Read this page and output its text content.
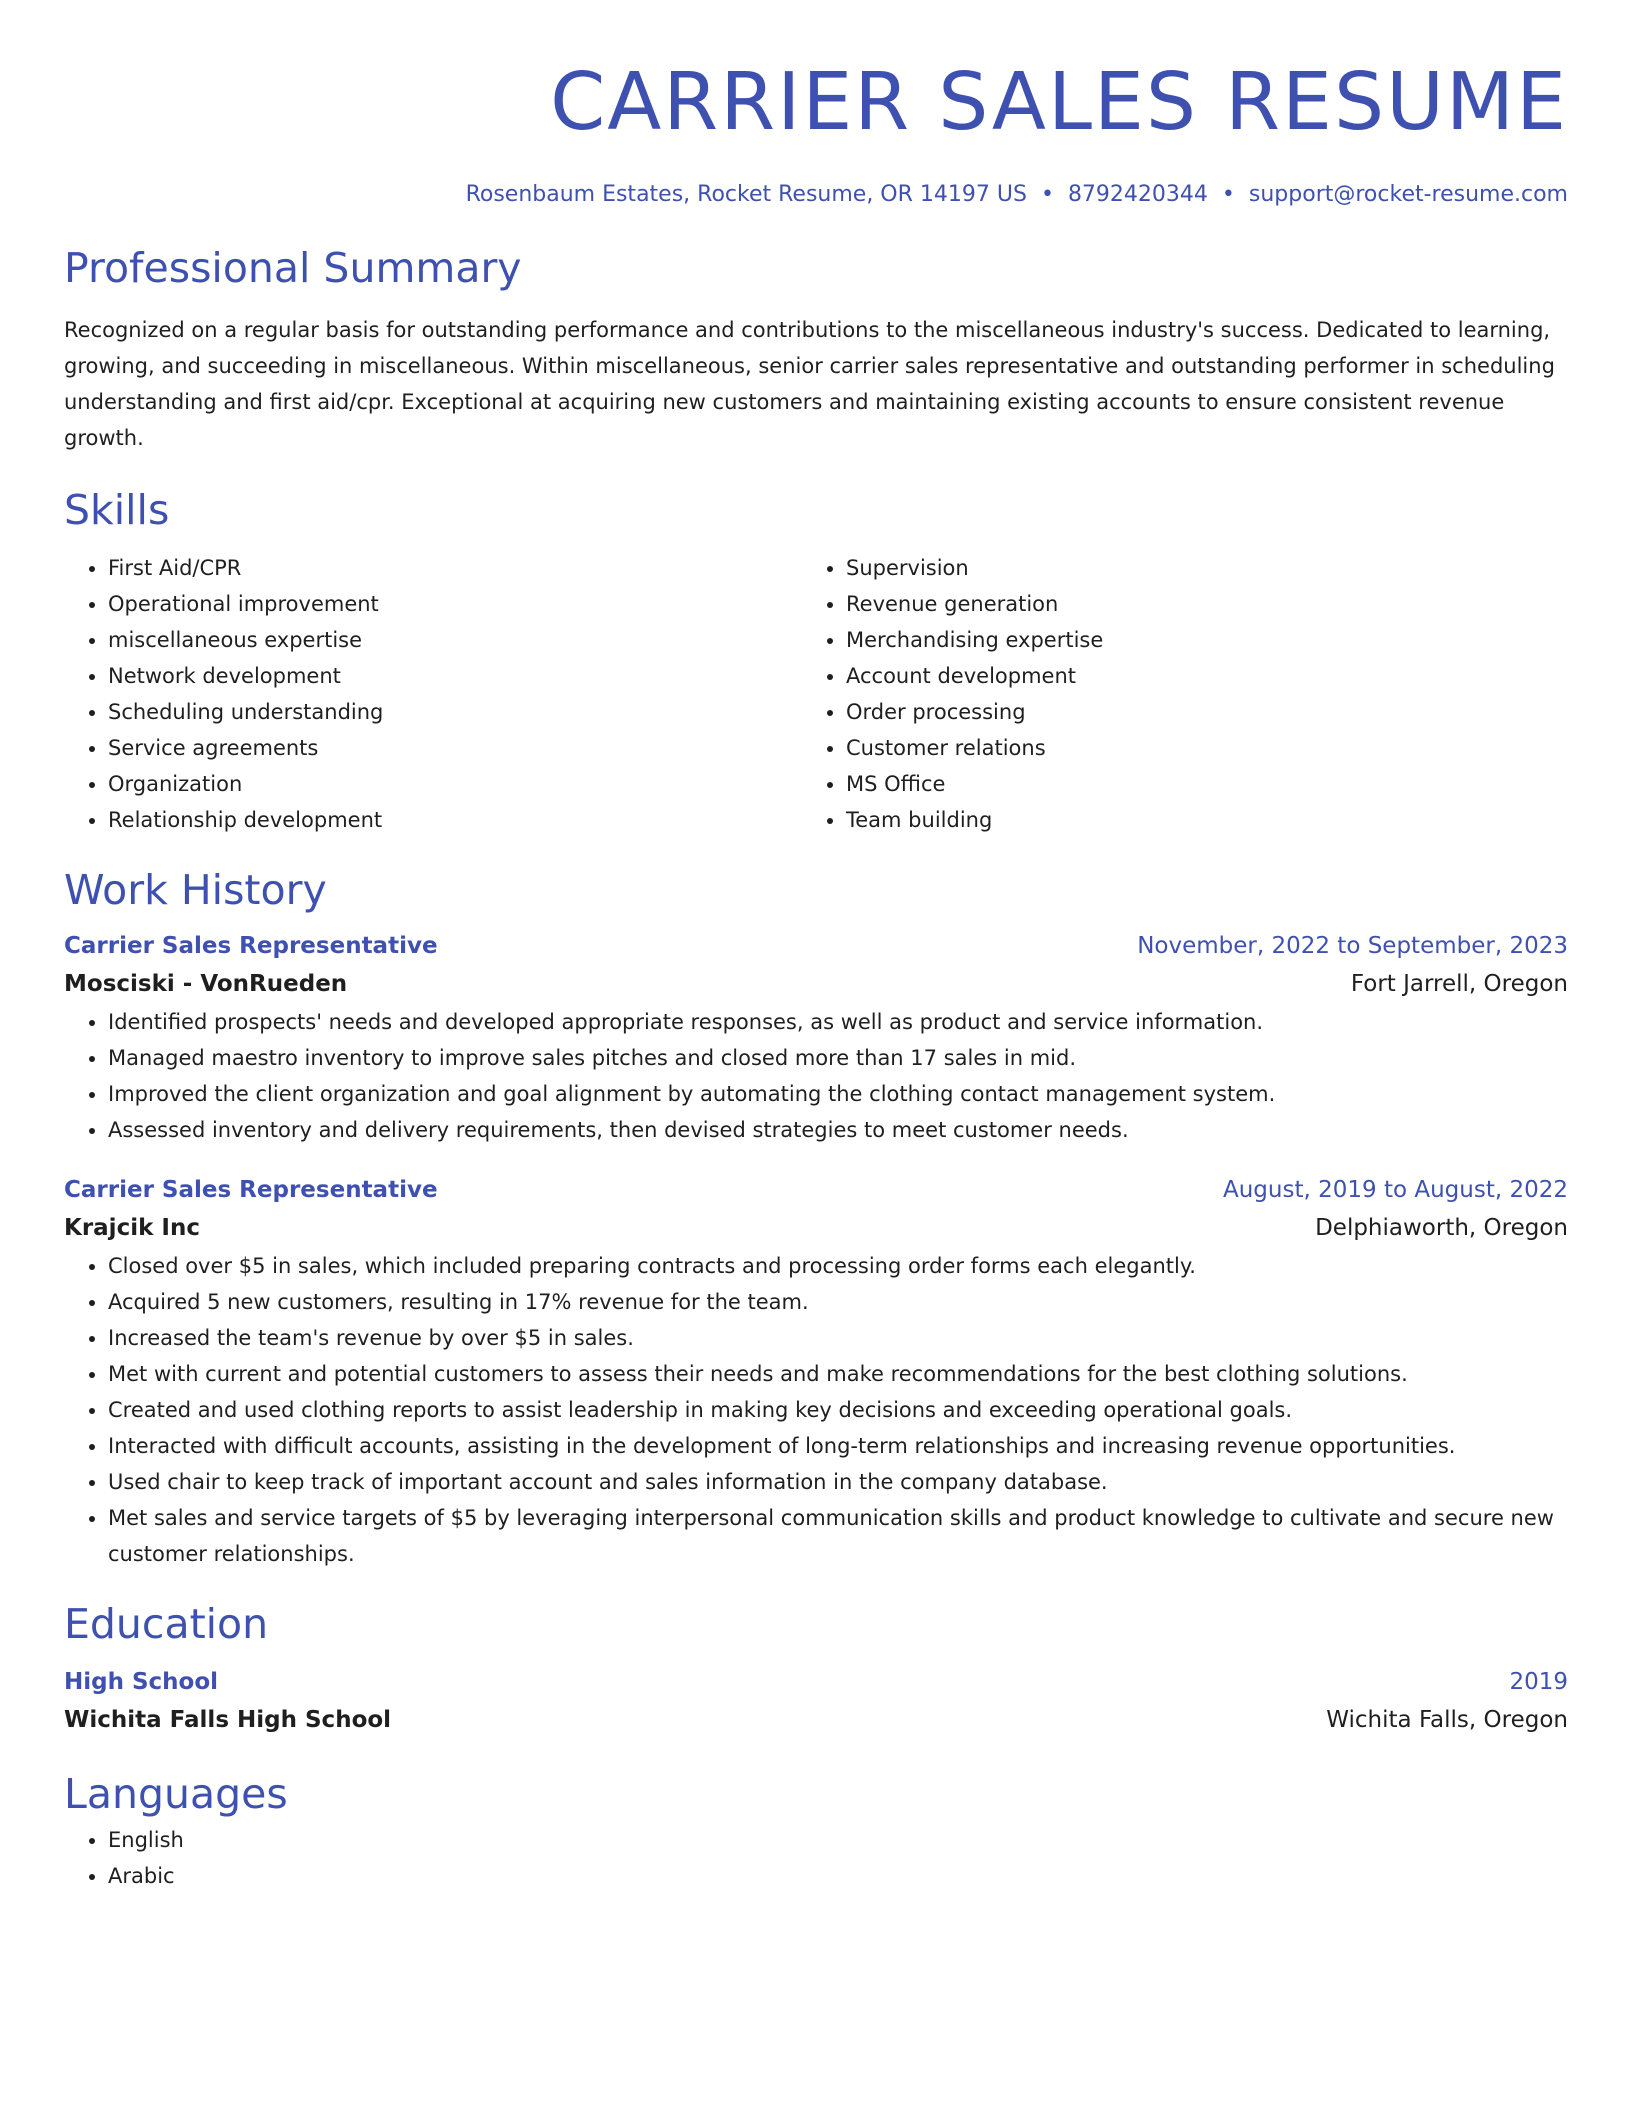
CARRIER SALES RESUME
Rosenbaum Estates, Rocket Resume, OR 14197 US • 8792420344 • support@rocket-resume.com
Professional Summary
Recognized on a regular basis for outstanding performance and contributions to the miscellaneous industry's success. Dedicated to learning, growing, and succeeding in miscellaneous. Within miscellaneous, senior carrier sales representative and outstanding performer in scheduling understanding and first aid/cpr. Exceptional at acquiring new customers and maintaining existing accounts to ensure consistent revenue growth.
Skills
• First Aid/CPR
• Operational improvement
• miscellaneous expertise
• Network development
• Scheduling understanding
• Service agreements
• Organization
• Relationship development
• Supervision
• Revenue generation
• Merchandising expertise
• Account development
• Order processing
• Customer relations
• MS Office
• Team building
Work History
Carrier Sales Representative	November, 2022 to September, 2023
Mosciski - VonRueden	Fort Jarrell, Oregon
• Identified prospects' needs and developed appropriate responses, as well as product and service information.
• Managed maestro inventory to improve sales pitches and closed more than 17 sales in mid.
• Improved the client organization and goal alignment by automating the clothing contact management system.
• Assessed inventory and delivery requirements, then devised strategies to meet customer needs.
Carrier Sales Representative	August, 2019 to August, 2022
Krajcik Inc	Delphiaworth, Oregon
• Closed over $5 in sales, which included preparing contracts and processing order forms each elegantly.
• Acquired 5 new customers, resulting in 17% revenue for the team.
• Increased the team's revenue by over $5 in sales.
• Met with current and potential customers to assess their needs and make recommendations for the best clothing solutions.
• Created and used clothing reports to assist leadership in making key decisions and exceeding operational goals.
• Interacted with difficult accounts, assisting in the development of long-term relationships and increasing revenue opportunities.
• Used chair to keep track of important account and sales information in the company database.
• Met sales and service targets of $5 by leveraging interpersonal communication skills and product knowledge to cultivate and secure new customer relationships.
Education
High School	2019
Wichita Falls High School	Wichita Falls, Oregon
Languages
• English
• Arabic
